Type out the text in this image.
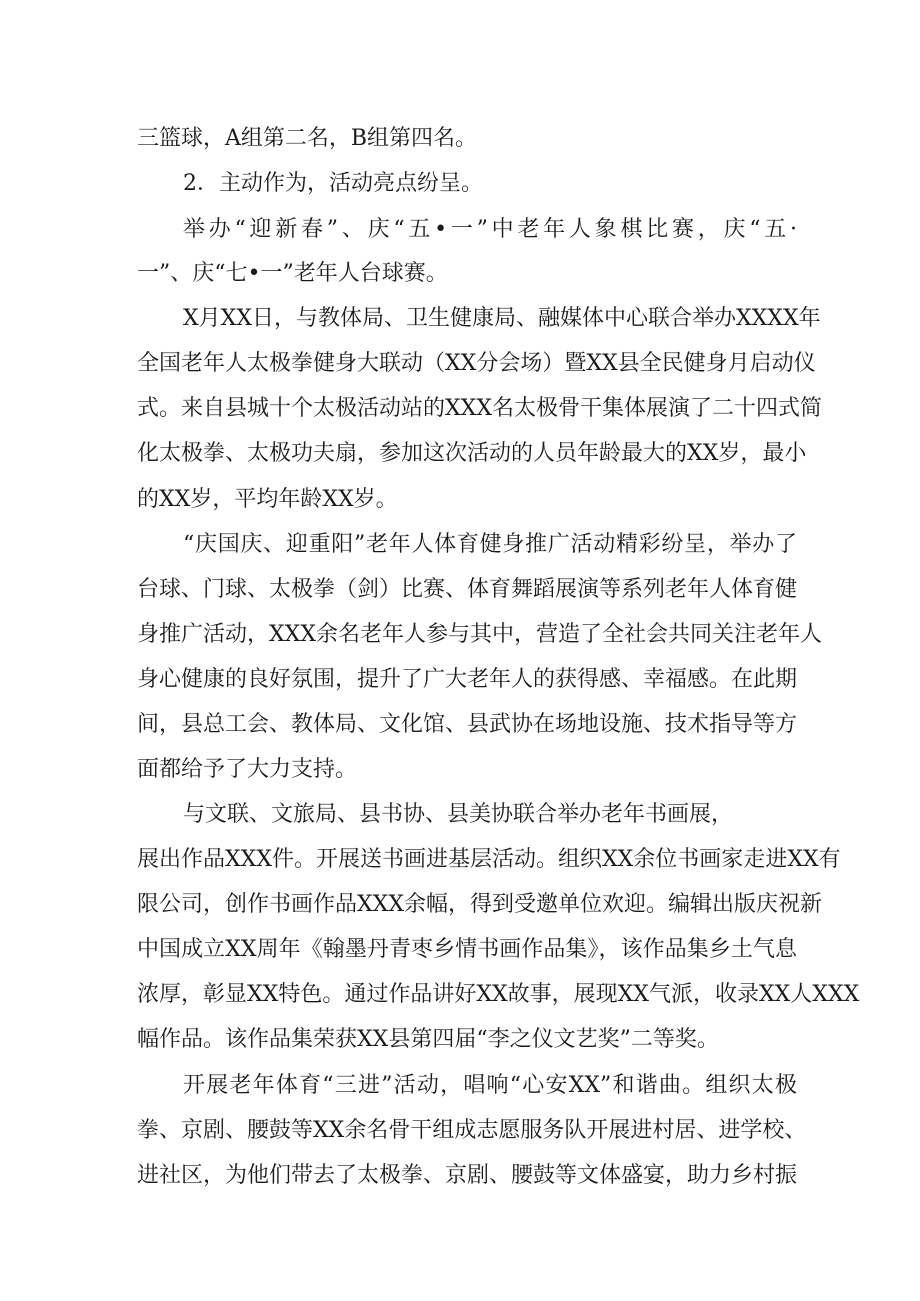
三篮球，A组第二名，B组第四名。
2．主动作为，活动亮点纷呈。
举办“迎新春”、庆“五•一”中老年人象棋比赛，庆“五·
一”、庆“七•一”老年人台球赛。
X月XX日，与教体局、卫生健康局、融媒体中心联合举办XXXX年
全国老年人太极拳健身大联动（XX分会场）暨XX县全民健身月启动仪
式。来自县城十个太极活动站的XXX名太极骨干集体展演了二十四式简
化太极拳、太极功夫扇，参加这次活动的人员年龄最大的XX岁，最小
的XX岁，平均年龄XX岁。
“庆国庆、迎重阳”老年人体育健身推广活动精彩纷呈，举办了
台球、门球、太极拳（剑）比赛、体育舞蹈展演等系列老年人体育健
身推广活动，XXX余名老年人参与其中，营造了全社会共同关注老年人
身心健康的良好氛围，提升了广大老年人的获得感、幸福感。在此期
间，县总工会、教体局、文化馆、县武协在场地设施、技术指导等方
面都给予了大力支持。
与文联、文旅局、县书协、县美协联合举办老年书画展，
展出作品XXX件。开展送书画进基层活动。组织XX余位书画家走进XX有
限公司，创作书画作品XXX余幅，得到受邀单位欢迎。编辑出版庆祝新
中国成立XX周年《翰墨丹青枣乡情书画作品集》，该作品集乡土气息
浓厚，彰显XX特色。通过作品讲好XX故事，展现XX气派，收录XX人XXX
幅作品。该作品集荣获XX县第四届“李之仪文艺奖”二等奖。
开展老年体育“三进”活动，唱响“心安XX”和谐曲。组织太极
拳、京剧、腰鼓等XX余名骨干组成志愿服务队开展进村居、进学校、
进社区，为他们带去了太极拳、京剧、腰鼓等文体盛宴，助力乡村振
